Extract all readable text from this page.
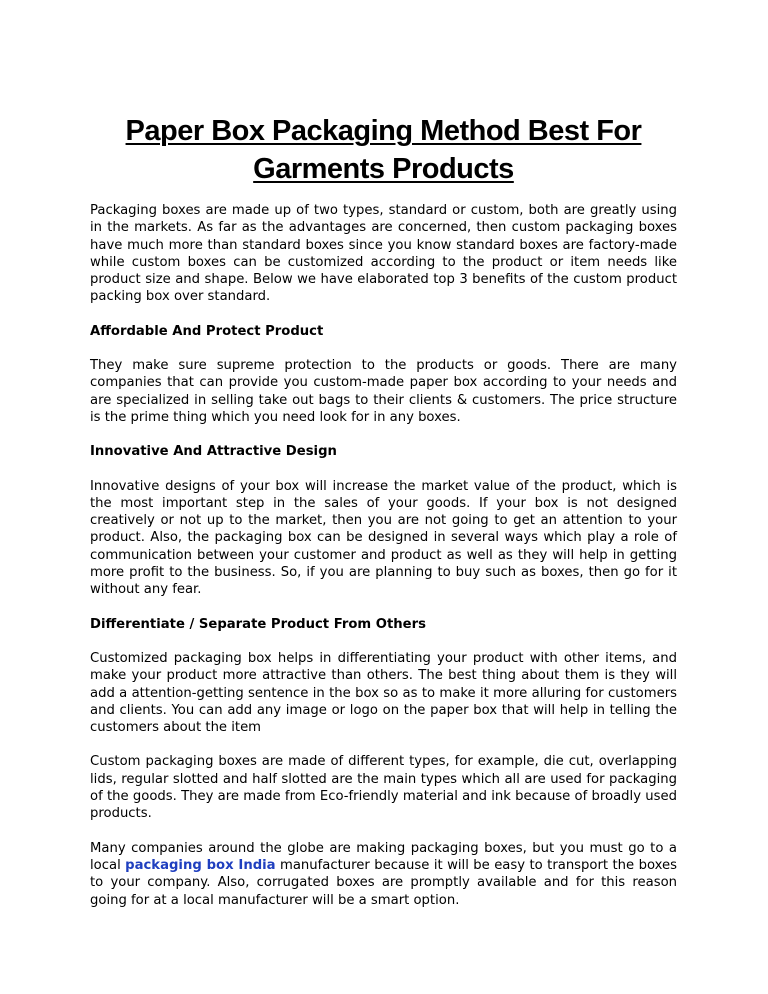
Paper Box Packaging Method Best For Garments Products

Packaging boxes are made up of two types, standard or custom, both are greatly using in the markets. As far as the advantages are concerned, then custom packaging boxes have much more than standard boxes since you know standard boxes are factory-made while custom boxes can be customized according to the product or item needs like product size and shape. Below we have elaborated top 3 benefits of the custom product packing box over standard.

Affordable And Protect Product

They make sure supreme protection to the products or goods. There are many companies that can provide you custom-made paper box according to your needs and are specialized in selling take out bags to their clients & customers. The price structure is the prime thing which you need look for in any boxes.

Innovative And Attractive Design

Innovative designs of your box will increase the market value of the product, which is the most important step in the sales of your goods. If your box is not designed creatively or not up to the market, then you are not going to get an attention to your product. Also, the packaging box can be designed in several ways which play a role of communication between your customer and product as well as they will help in getting more profit to the business. So, if you are planning to buy such as boxes, then go for it without any fear.

Differentiate / Separate Product From Others

Customized packaging box helps in differentiating your product with other items, and make your product more attractive than others. The best thing about them is they will add a attention-getting sentence in the box so as to make it more alluring for customers and clients. You can add any image or logo on the paper box that will help in telling the customers about the item

Custom packaging boxes are made of different types, for example, die cut, overlapping lids, regular slotted and half slotted are the main types which all are used for packaging of the goods. They are made from Eco-friendly material and ink because of broadly used products.

Many companies around the globe are making packaging boxes, but you must go to a local packaging box India manufacturer because it will be easy to transport the boxes to your company. Also, corrugated boxes are promptly available and for this reason going for at a local manufacturer will be a smart option.
